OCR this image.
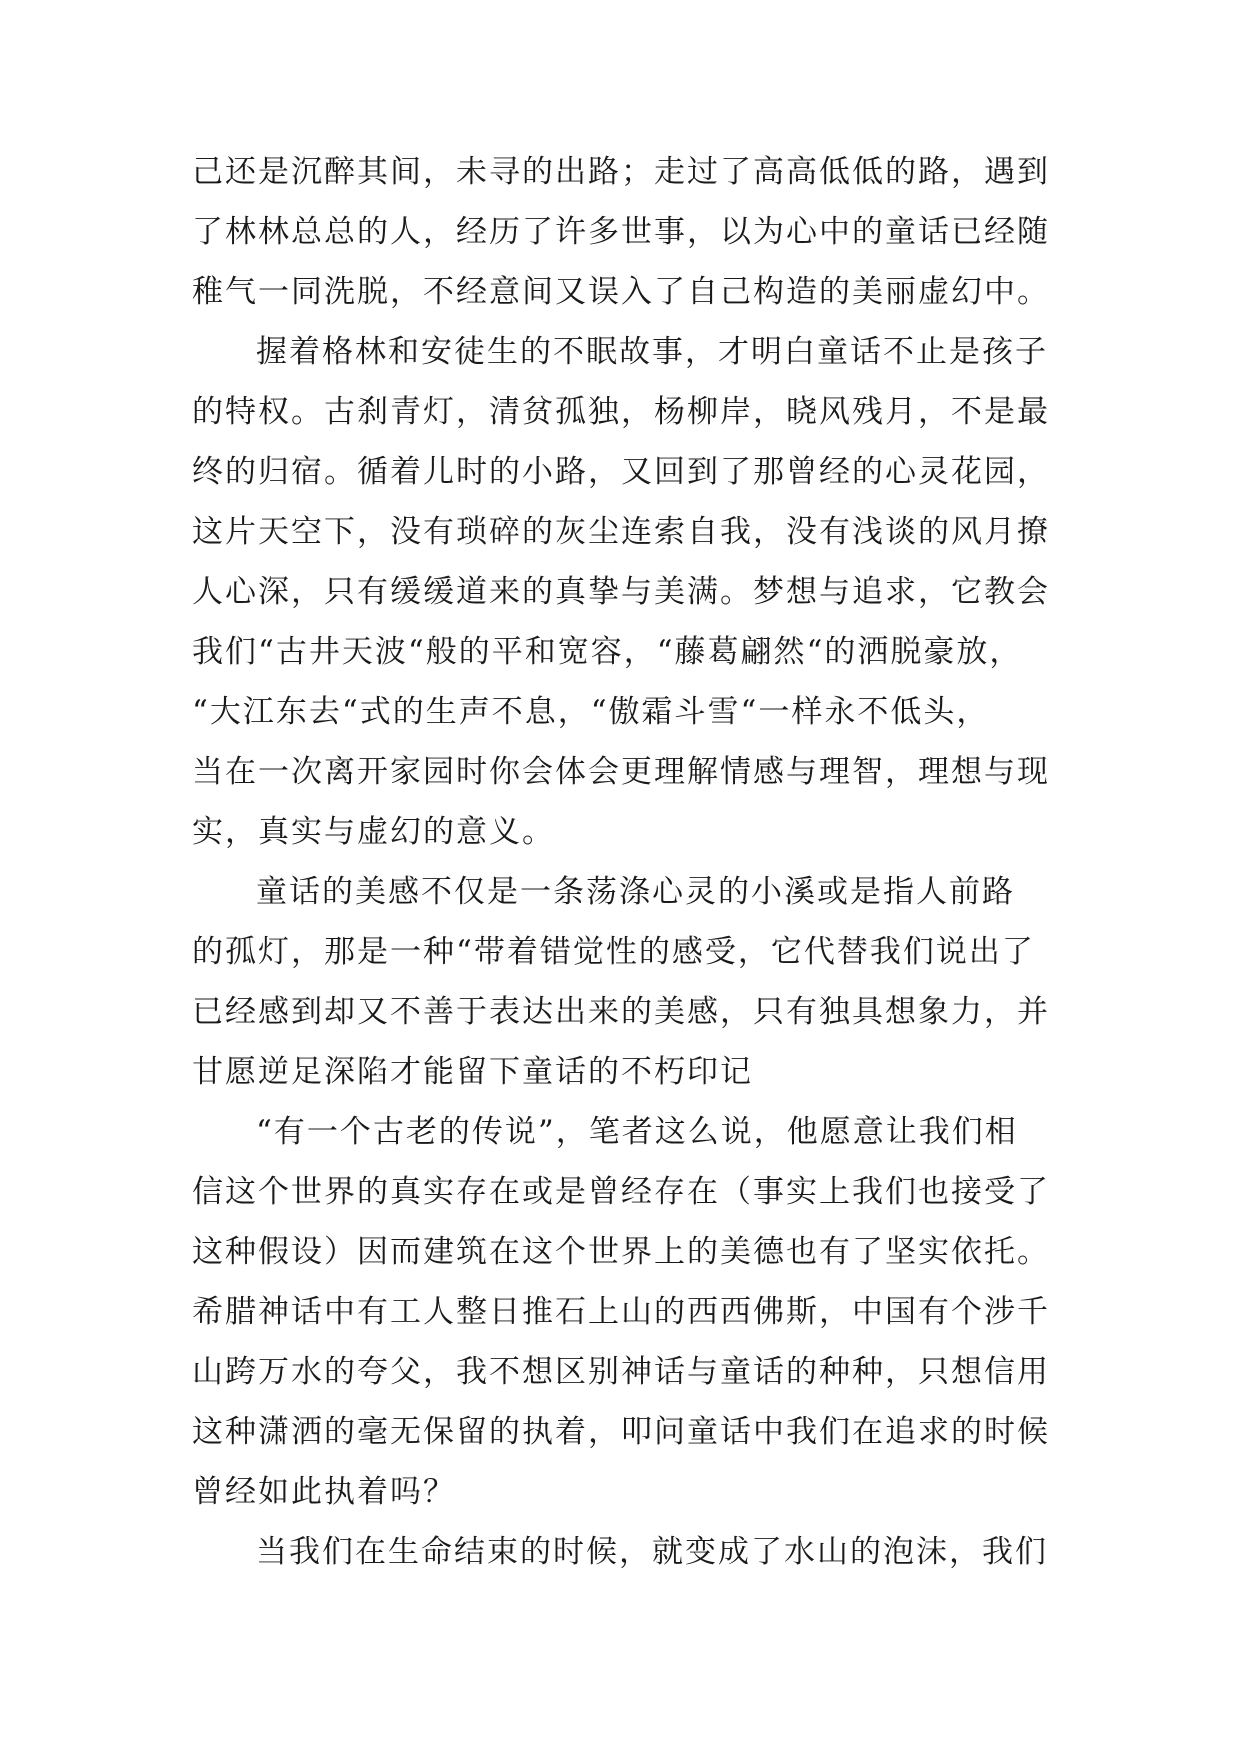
己还是沉醉其间，未寻的出路；走过了高高低低的路，遇到
了林林总总的人，经历了许多世事，以为心中的童话已经随
稚气一同洗脱，不经意间又误入了自己构造的美丽虚幻中。
握着格林和安徒生的不眠故事，才明白童话不止是孩子
的特权。古刹青灯，清贫孤独，杨柳岸，晓风残月，不是最
终的归宿。循着儿时的小路，又回到了那曾经的心灵花园，
这片天空下，没有琐碎的灰尘连索自我，没有浅谈的风月撩
人心深，只有缓缓道来的真挚与美满。梦想与追求，它教会
我们“古井天波“般的平和宽容，“藤葛翩然“的洒脱豪放，
“大江东去“式的生声不息，“傲霜斗雪“一样永不低头，
当在一次离开家园时你会体会更理解情感与理智，理想与现
实，真实与虚幻的意义。
童话的美感不仅是一条荡涤心灵的小溪或是指人前路
的孤灯，那是一种“带着错觉性的感受，它代替我们说出了
已经感到却又不善于表达出来的美感，只有独具想象力，并
甘愿逆足深陷才能留下童话的不朽印记
“有一个古老的传说”，笔者这么说，他愿意让我们相
信这个世界的真实存在或是曾经存在（事实上我们也接受了
这种假设）因而建筑在这个世界上的美德也有了坚实依托。
希腊神话中有工人整日推石上山的西西佛斯，中国有个涉千
山跨万水的夸父，我不想区别神话与童话的种种，只想信用
这种潇洒的毫无保留的执着，叩问童话中我们在追求的时候
曾经如此执着吗？
当我们在生命结束的时候，就变成了水山的泡沫，我们
